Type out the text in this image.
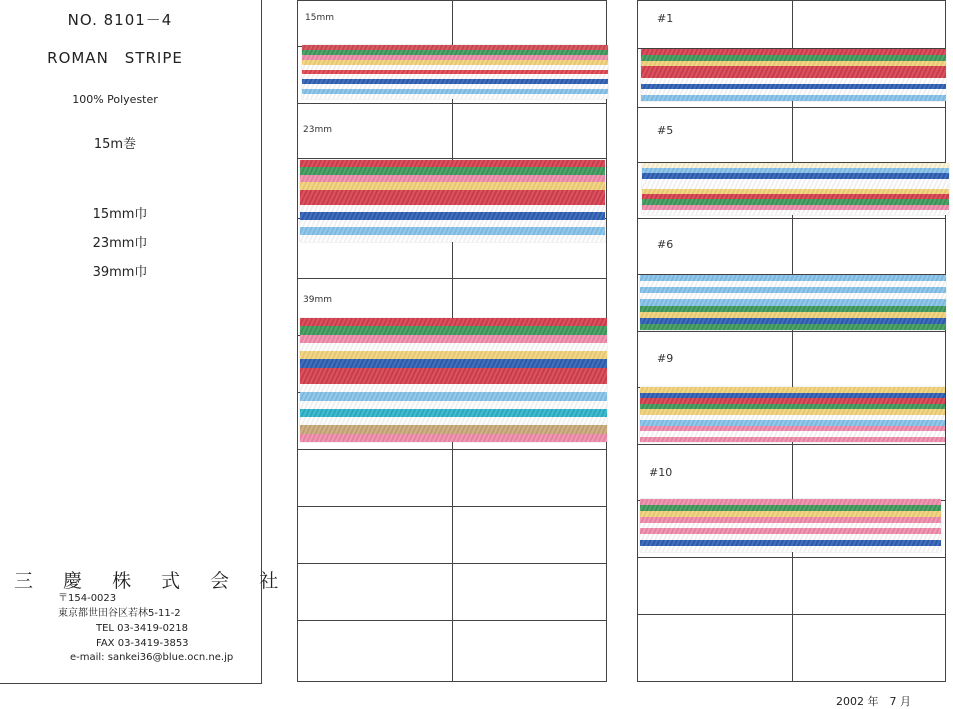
NO. 8101－4
ROMAN　STRIPE
100% Polyester
15m巻
15mm巾
23mm巾
39mm巾
三 慶 株 式 会 社
〒154-0023
東京都世田谷区若林5-11-2
TEL 03-3419-0218
FAX 03-3419-3853
e-mail: sankei36@blue.ocn.ne.jp
15mm
23mm
39mm
#1
#5
#6
#9
#10
2002 年　7 月
